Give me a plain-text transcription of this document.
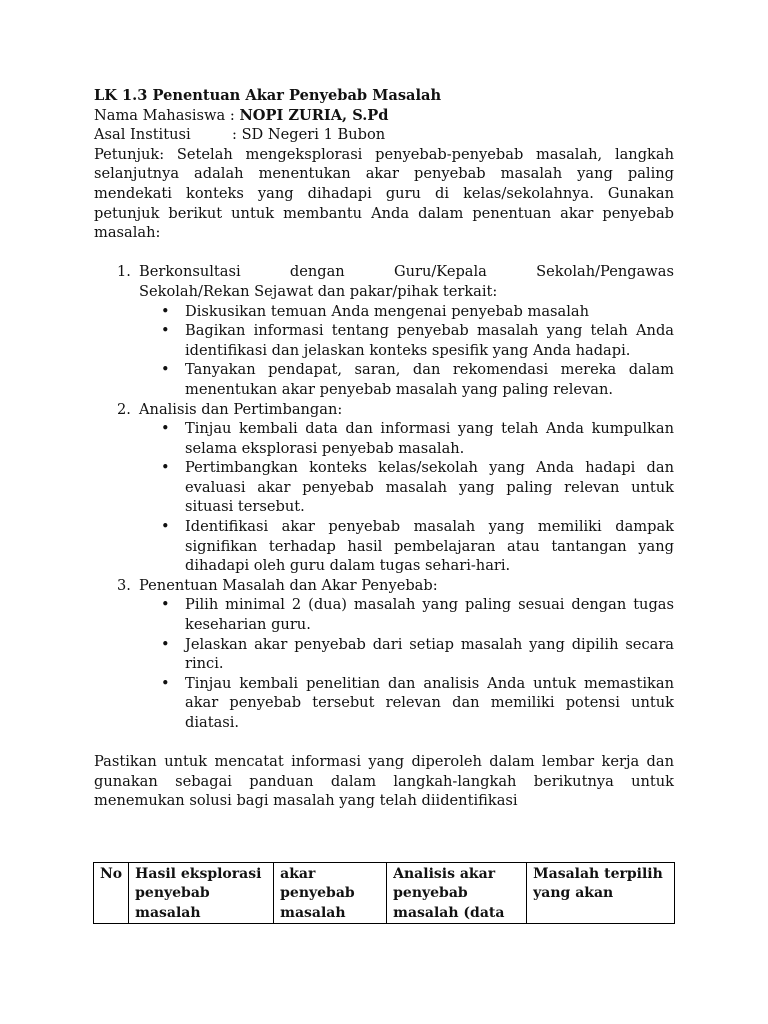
LK 1.3 Penentuan Akar Penyebab Masalah
Nama Mahasiswa
:
NOPI ZURIA, S.Pd
Asal Institusi	:
SD Negeri 1 Bubon
Petunjuk: Setelah mengeksplorasi penyebab-penyebab masalah, langkah selanjutnya adalah menentukan akar penyebab masalah yang paling mendekati konteks yang dihadapi guru di kelas/sekolahnya. Gunakan petunjuk berikut untuk membantu Anda dalam penentuan akar penyebab masalah:
1. Berkonsultasi dengan Guru/Kepala Sekolah/Pengawas
Sekolah/Rekan Sejawat dan pakar/pihak terkait:
• Diskusikan temuan Anda mengenai penyebab masalah
• Bagikan informasi tentang penyebab masalah yang telah Anda identifikasi dan jelaskan konteks spesifik yang Anda hadapi.
• Tanyakan pendapat, saran, dan rekomendasi mereka dalam menentukan akar penyebab masalah yang paling relevan.
2. Analisis dan Pertimbangan:
• Tinjau kembali data dan informasi yang telah Anda kumpulkan selama eksplorasi penyebab masalah.
• Pertimbangkan konteks kelas/sekolah yang Anda hadapi dan evaluasi akar penyebab masalah yang paling relevan untuk situasi tersebut.
• Identifikasi akar penyebab masalah yang memiliki dampak signifikan terhadap hasil pembelajaran atau tantangan yang dihadapi oleh guru dalam tugas sehari-hari.
3. Penentuan Masalah dan Akar Penyebab:
• Pilih minimal 2 (dua) masalah yang paling sesuai dengan tugas keseharian guru.
• Jelaskan akar penyebab dari setiap masalah yang dipilih secara rinci.
• Tinjau kembali penelitian dan analisis Anda untuk memastikan akar penyebab tersebut relevan dan memiliki potensi untuk diatasi.
Pastikan untuk mencatat informasi yang diperoleh dalam lembar kerja dan gunakan sebagai panduan dalam langkah-langkah berikutnya untuk menemukan solusi bagi masalah yang telah diidentifikasi
No	Hasil eksplorasi penyebab masalah	akar penyebab masalah	Analisis akar penyebab masalah (data	Masalah terpilih yang akan
